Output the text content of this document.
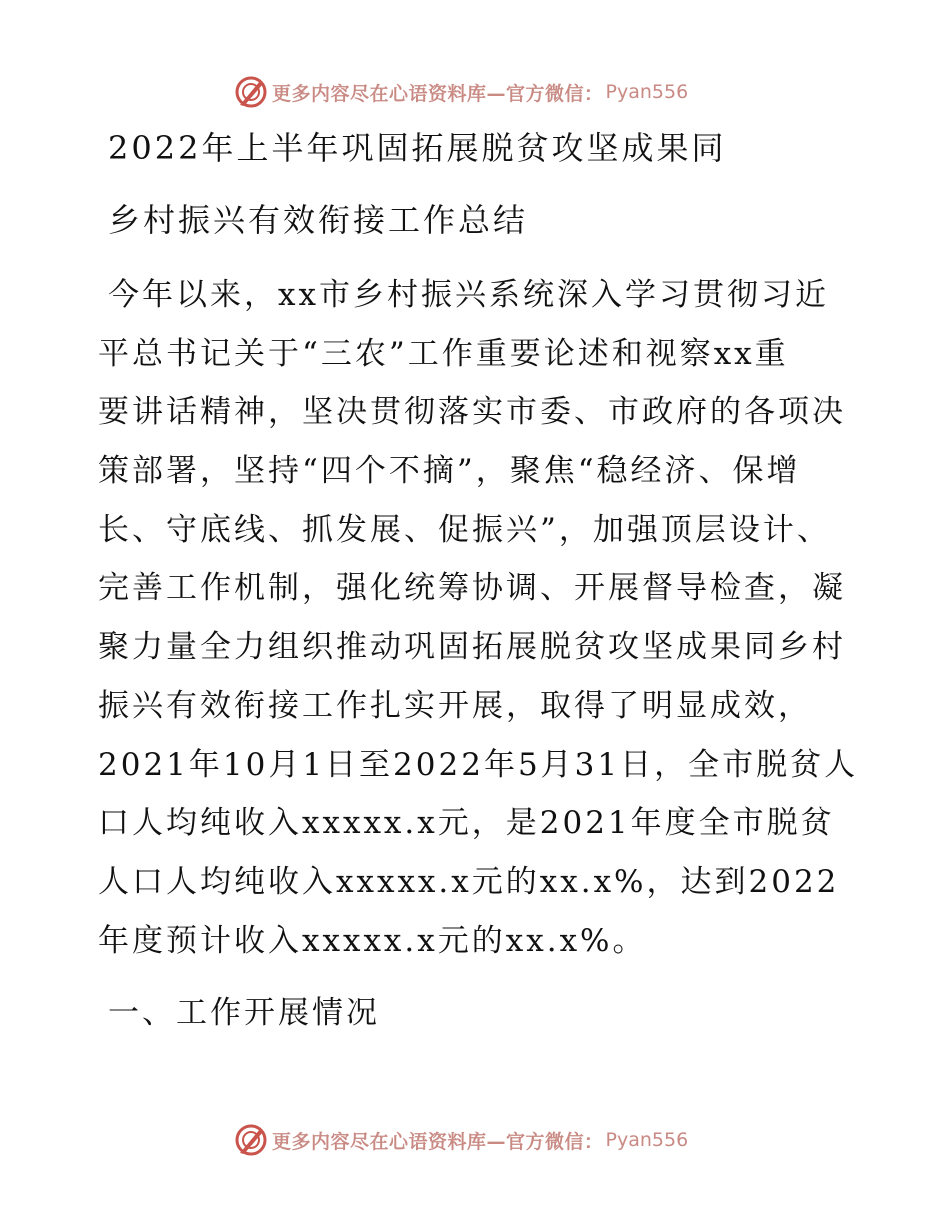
更多内容尽在心语资料库—官方微信： Pyan556
2022年上半年巩固拓展脱贫攻坚成果同
乡村振兴有效衔接工作总结
今年以来，xx市乡村振兴系统深入学习贯彻习近
平总书记关于“三农”工作重要论述和视察xx重
要讲话精神，坚决贯彻落实市委、市政府的各项决
策部署，坚持“四个不摘”，聚焦“稳经济、保增
长、守底线、抓发展、促振兴”，加强顶层设计、
完善工作机制，强化统筹协调、开展督导检查，凝
聚力量全力组织推动巩固拓展脱贫攻坚成果同乡村
振兴有效衔接工作扎实开展，取得了明显成效，
2021年10月1日至2022年5月31日，全市脱贫人
口人均纯收入xxxxx.x元，是2021年度全市脱贫
人口人均纯收入xxxxx.x元的xx.x%，达到2022
年度预计收入xxxxx.x元的xx.x%。
一、工作开展情况
更多内容尽在心语资料库—官方微信： Pyan556
